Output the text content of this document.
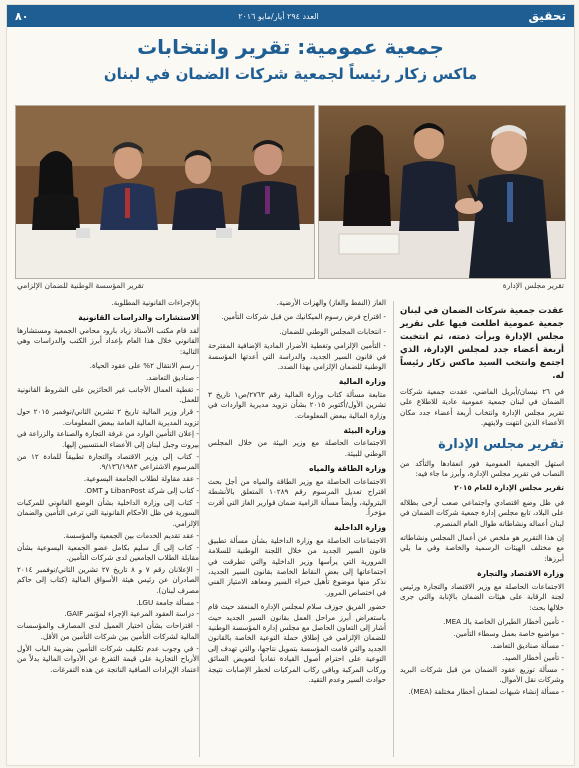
تحقيق
العدد ٢٩٤ أيار/مايو ٢٠١٦
٨٠
جمعية عمومية: تقرير وانتخابات
ماكس زكار رئيساً لجمعية شركات الضمان في لبنان
تقرير مجلس الإدارة
تقرير المؤسسة الوطنية للضمان الإلزامي

عقدت جمعية شركات الضمان في لبنان جمعية عمومية اطلعت فيها على تقرير مجلس الإدارة وبرأت ذمته، ثم انتخبت أربعة أعضاء جدد لمجلس الإدارة، الذي اجتمع وانتخب السيد ماكس زكار رئيساً له.

في ٢٦ نيسان/أبريل الماضي، عقدت جمعية شركات الضمان في لبنان جمعية عمومية عادية للاطلاع على تقرير مجلس الإدارة وانتخاب أربعة أعضاء جدد مكان الأعضاء الذين انتهت ولايتهم.

تقرير مجلس الإدارة

استهل الجمعية العمومية فور انعقادها والتأكد من النصاب في تقرير مجلس الإدارة، وأبرز ما جاء فيه:

تقرير مجلس الإدارة للعام ٢٠١٥

في ظل وضع اقتصادي واجتماعي صعب أرخى بظلاله على البلاد، تابع مجلس إدارة جمعية شركات الضمان في لبنان أعماله ونشاطاته طوال العام المنصرم.

إن هذا التقرير هو ملخص عن أعمال المجلس ونشاطاته مع مختلف الهيئات الرسمية والخاصة وفي ما يلي أبرزها:

وزارة الاقتصاد والتجارة

الاجتماعات الحاصلة مع وزير الاقتصاد والتجارة ورئيس لجنة الرقابة على هيئات الضمان بالإنابة والتي جرى خلالها بحث:

- تأمين أخطار الطيران الخاصة بالـ MEA.
- مواضيع خاصة بعمل وسطاء التأمين.
- مسألة صناديق التعاضد.
- تأمين أخطار الصيد.
- مسألة توزيع عقود الضمان من قبل شركات البريد وشركات نقل الأموال.
- مسألة إنشاء شبهات لضمان أخطار مختلفة (MEA).

الغاز (النفط والغاز) والهزات الأرضية.

- اقتراح فرض رسوم الميكانيك من قبل شركات التأمين.

- انتخابات المجلس الوطني للضمان.

- التأمين الإلزامي وتغطية الأضرار المادية الإضافية المقترحة في قانون السير الجديد، والدراسة التي أعدتها المؤسسة الوطنية للضمان الإلزامي بهذا الصدد.

وزارة المالية

متابعة مسألة كتاب وزارة المالية رقم ٢٧٦٣/ص١ تاريخ ٣ تشرين الأول/أكتوبر ٢٠١٥ بشأن تزويد مديرية الواردات في وزارة المالية ببعض المعلومات.

وزارة البيئة

الاجتماعات الحاصلة مع وزير البيئة من خلال المجلس الوطني للبيئة.

وزارة الطاقة والمياه

الاجتماعات الحاصلة مع وزير الطاقة والمياه من أجل بحث اقتراح تعديل المرسوم رقم ١٠٢٨٩ المتعلق بالأنشطة البترولية، وأيضاً مسألة الزامية ضمان قوارير الغاز التي أقرت مؤخراً.

وزارة الداخلية

الاجتماعات الحاصلة مع وزارة الداخلية بشأن مسألة تطبيق قانون السير الجديد من خلال اللجنة الوطنية للسلامة المرورية التي يرأسها وزير الداخلية والتي تطرقت في اجتماعاتها إلى بعض النقاط الخاصة بقانون السير الجديد، نذكر منها موضوع تأهيل خبراء السير ومعاهد الامتياز الفني في اختصاص المرور.

حضور الفريق جوزف سلام لمجلس الإدارة المنعقد حيث قام باستعراض أبرز مراحل العمل بقانون السير الجديد حيث أشار إلى التعاون الحاصل مع مجلس إدارة المؤسسة الوطنية للضمان الإلزامي في إطلاق حملة التوعية الخاصة بالقانون الجديد والتي قامت المؤسسة بتمويل نتاجها، والتي تهدف إلى التوعية على احترام أصول القيادة تفادياً لتعويض السائق وركاب المركبة وباقي ركاب المركبات لخطر الإصابات نتيجة حوادث السير وعدم التقيد.

بالإجراءات القانونية المطلوبة.

الاستشارات والدراسات القانونية

لقد قام مكتب الأستاذ زياد بارود محامي الجمعية ومستشارها القانوني خلال هذا العام بإعداد أبرز الكتب والدراسات وهي التالية:

- رسم الانتقال ٢% على عقود الحياة.
- صناديق التعاضد.
- تغطية العمال الأجانب غير الحائزين على الشروط القانونية للعمل.
- قرار وزير المالية تاريخ ٢ تشرين الثاني/نوفمبر ٢٠١٥ حول تزويد المديرية المالية العامة ببعض المعلومات.
- إعلان التأمين الوارد من غرفة التجارة والصناعة والزراعة في بيروت وجبل لبنان إلى الأعضاء المنتسبين إليها.
- كتاب إلى وزير الاقتصاد والتجارة تطبيقاً للمادة ١٢ من المرسوم الاشتراعي ٩/١٣٦/١٩٨٣.
- عقد مقاولة لطلاب الجامعة اليسوعية.
- كتاب إلى شركة LibanPost و OMT.
- كتاب إلى وزارة الداخلية بشأن الوضع القانوني للمركبات السورية في ظل الأحكام القانونية التي ترعى التأمين والضمان الإلزامي.
- عقد تقديم الخدمات بين الجمعية والمؤسسة.
- كتاب إلى آل سليم بكامل عضو الجمعية اليسوعية بشأن مقابلة الطلاب الجامعين لدى شركات التأمين.
- الإعلانان رقم ٧ و ٨ تاريخ ٢٧ تشرين الثاني/نوفمبر ٢٠١٤ الصادران عن رئيس هيئة الأسواق المالية (كتاب إلى حاكم مصرف لبنان).
- مسألة جامعة LGU.
- دراسة العقود المرعية الإجراء لمؤتمر GAIF.
- اقتراحات بشأن اختيار العميل لدى المصارف والمؤسسات المالية لشركات التأمين بين شركات التأمين من الأقل.
- في وجوب عدم تكليف شركات التأمين بضريبة الباب الأول الأرباح التجارية على قيمة التفرغ عن الأدوات المالية بدلاً من اعتماد الإيرادات الصافية الناتجة عن هذه التفرغات.
